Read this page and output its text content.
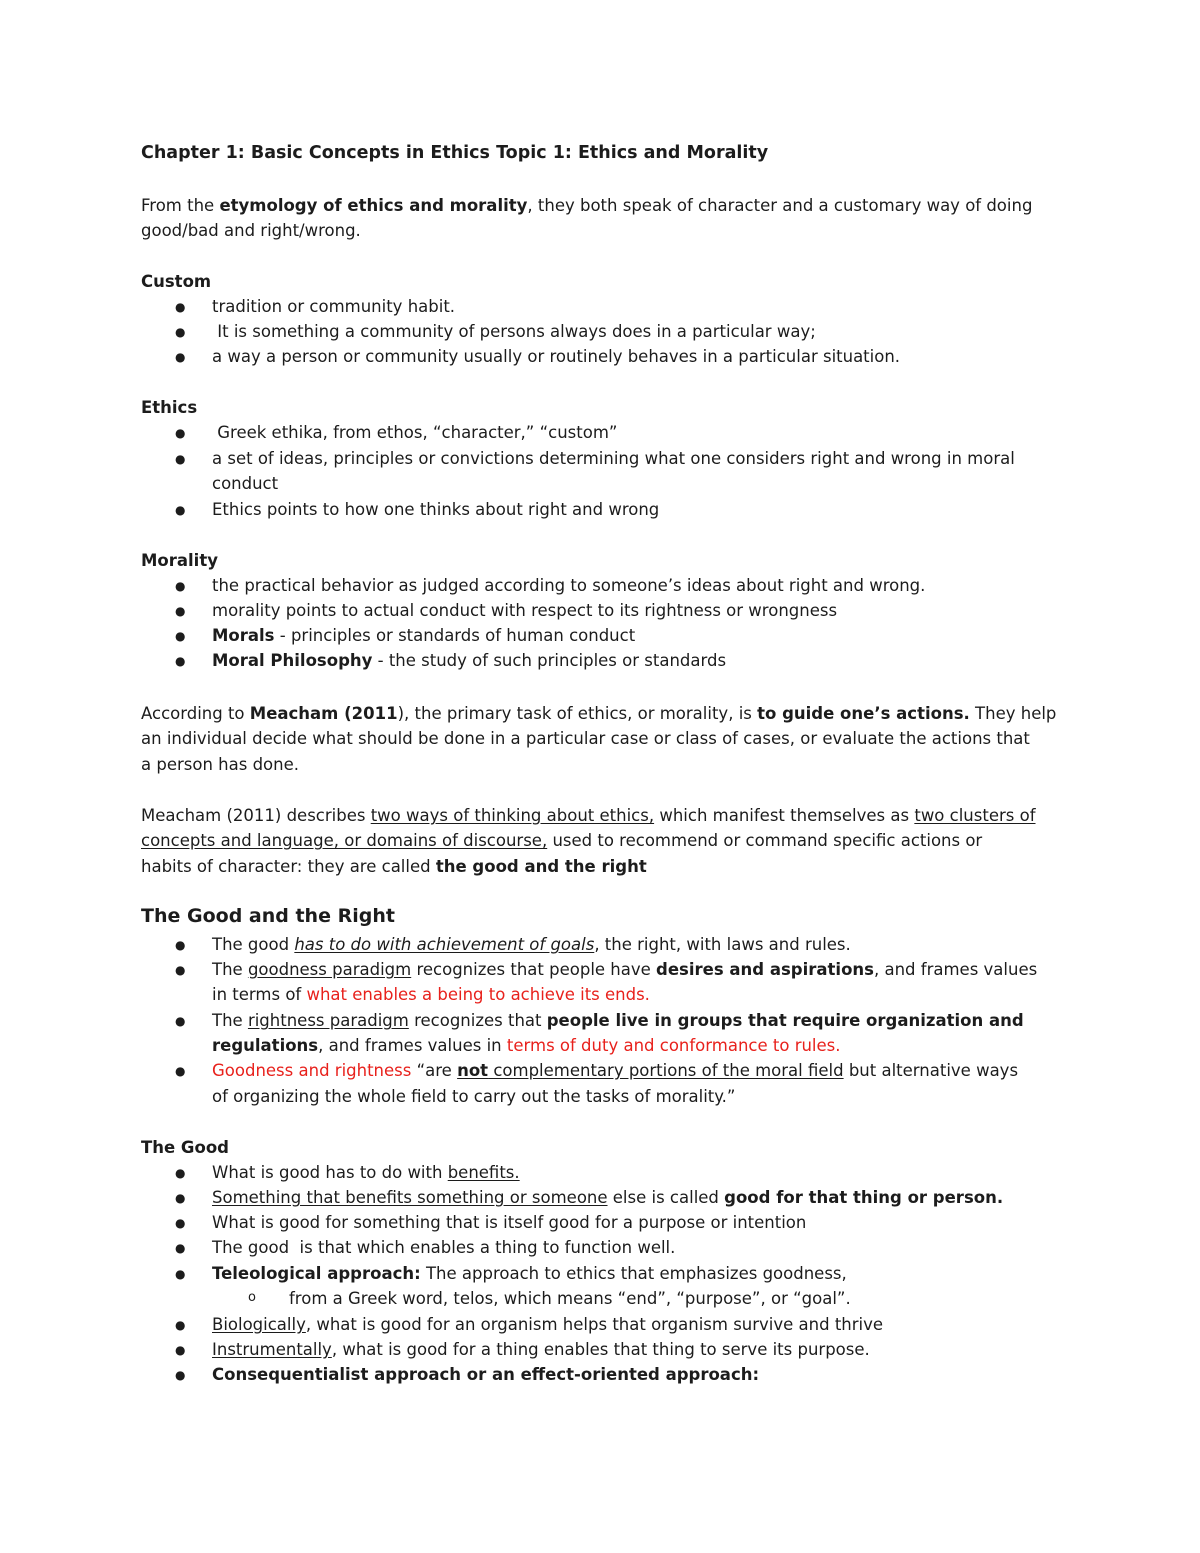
Chapter 1: Basic Concepts in Ethics Topic 1: Ethics and Morality
From the etymology of ethics and morality, they both speak of character and a customary way of doing
good/bad and right/wrong.
Custom
● tradition or community habit.
● It is something a community of persons always does in a particular way;
● a way a person or community usually or routinely behaves in a particular situation.
Ethics
● Greek ethika, from ethos, “character,” “custom”
● a set of ideas, principles or convictions determining what one considers right and wrong in moral
conduct
● Ethics points to how one thinks about right and wrong
Morality
● the practical behavior as judged according to someone’s ideas about right and wrong.
● morality points to actual conduct with respect to its rightness or wrongness
● Morals - principles or standards of human conduct
● Moral Philosophy - the study of such principles or standards
According to Meacham (2011), the primary task of ethics, or morality, is to guide one’s actions. They help
an individual decide what should be done in a particular case or class of cases, or evaluate the actions that
a person has done.
Meacham (2011) describes two ways of thinking about ethics, which manifest themselves as two clusters of
concepts and language, or domains of discourse, used to recommend or command specific actions or
habits of character: they are called the good and the right
The Good and the Right
● The good has to do with achievement of goals, the right, with laws and rules.
● The goodness paradigm recognizes that people have desires and aspirations, and frames values
in terms of what enables a being to achieve its ends.
● The rightness paradigm recognizes that people live in groups that require organization and
regulations, and frames values in terms of duty and conformance to rules.
● Goodness and rightness “are not complementary portions of the moral field but alternative ways
of organizing the whole field to carry out the tasks of morality.”
The Good
● What is good has to do with benefits.
● Something that benefits something or someone else is called good for that thing or person.
● What is good for something that is itself good for a purpose or intention
● The good  is that which enables a thing to function well.
● Teleological approach: The approach to ethics that emphasizes goodness,
o from a Greek word, telos, which means “end”, “purpose”, or “goal”.
● Biologically, what is good for an organism helps that organism survive and thrive
● Instrumentally, what is good for a thing enables that thing to serve its purpose.
● Consequentialist approach or an effect-oriented approach:
